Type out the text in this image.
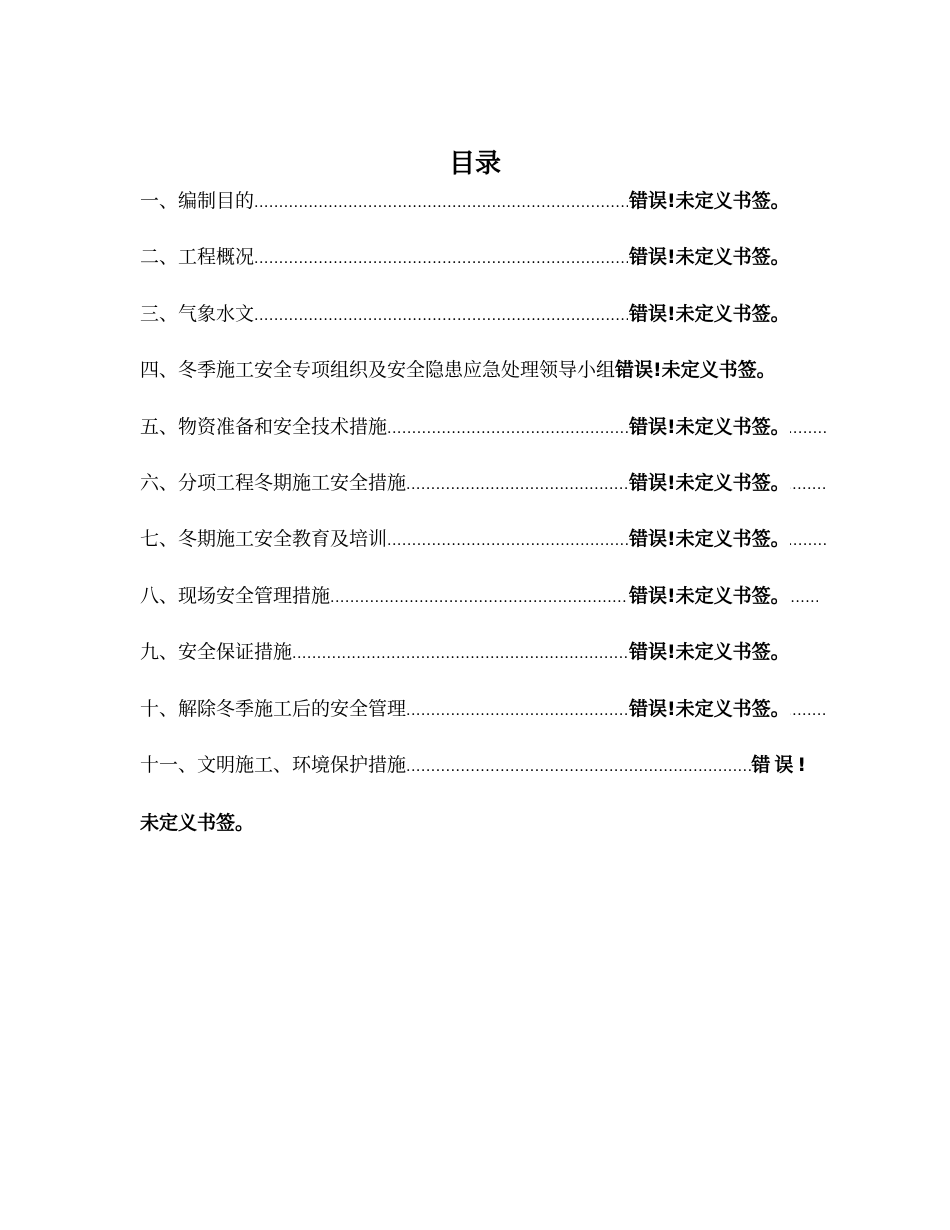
目录
一、编制目的 .....	错误!未定义书签。
二、工程概况 .....	错误!未定义书签。
三、气象水文 .....	错误!未定义书签。
四、冬季施工安全专项组织及安全隐患应急处理领导小组 错误!未定义书签。
五、物资准备和安全技术措施 .....	错误!未定义书签。
六、分项工程冬期施工安全措施 .....	错误!未定义书签。
七、冬期施工安全教育及培训 .....	错误!未定义书签。
八、现场安全管理措施 .....	错误!未定义书签。
九、安全保证措施 .....	错误!未定义书签。
十、解除冬季施工后的安全管理 .....	错误!未定义书签。
十一、文明施工、环境保护措施 .....	错误!
未定义书签。
